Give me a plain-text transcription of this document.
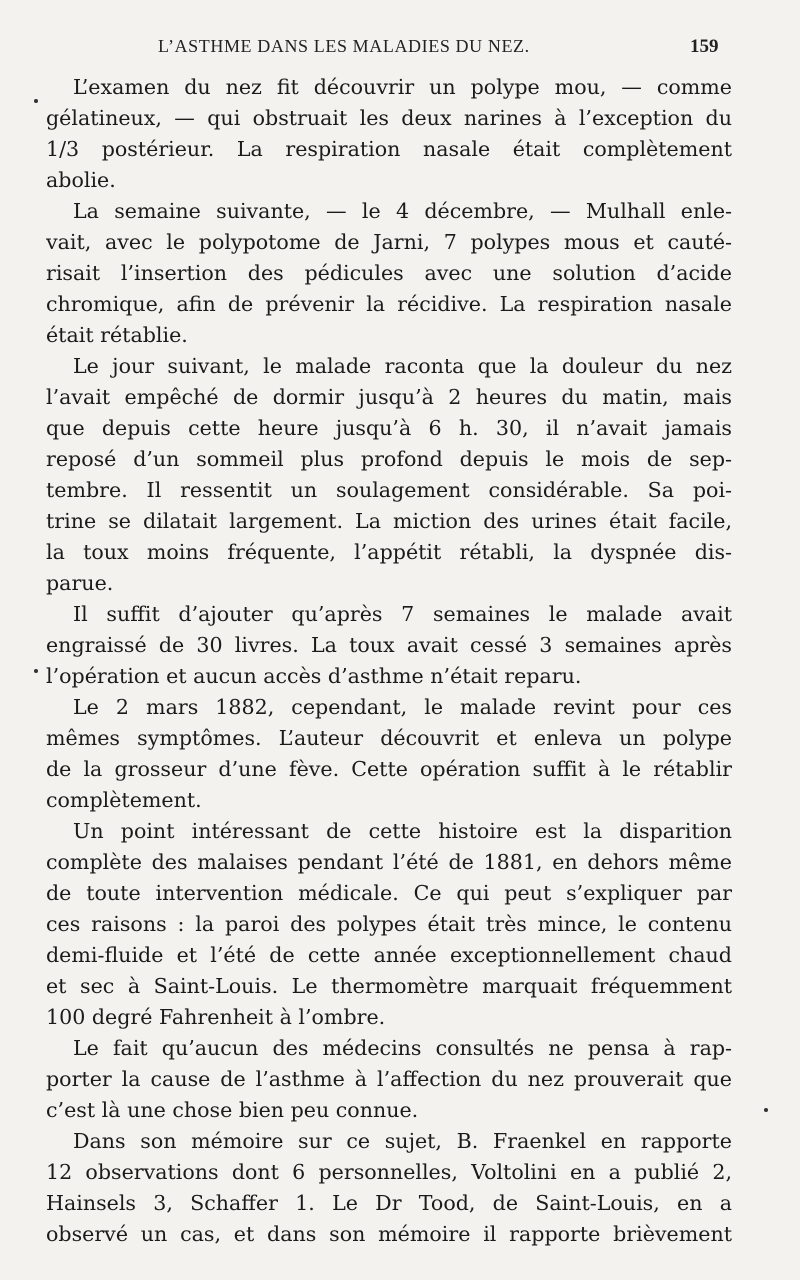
L’ASTHME DANS LES MALADIES DU NEZ.	159
L’examen du nez fit découvrir un polype mou, — comme
gélatineux, — qui obstruait les deux narines à l’exception du
1/3 postérieur. La respiration nasale était complètement
abolie.
La semaine suivante, — le 4 décembre, — Mulhall enle-
vait, avec le polypotome de Jarni, 7 polypes mous et cauté-
risait l’insertion des pédicules avec une solution d’acide
chromique, afin de prévenir la récidive. La respiration nasale
était rétablie.
Le jour suivant, le malade raconta que la douleur du nez
l’avait empêché de dormir jusqu’à 2 heures du matin, mais
que depuis cette heure jusqu’à 6 h. 30, il n’avait jamais
reposé d’un sommeil plus profond depuis le mois de sep-
tembre. Il ressentit un soulagement considérable. Sa poi-
trine se dilatait largement. La miction des urines était facile,
la toux moins fréquente, l’appétit rétabli, la dyspnée dis-
parue.
Il suffit d’ajouter qu’après 7 semaines le malade avait
engraissé de 30 livres. La toux avait cessé 3 semaines après
l’opération et aucun accès d’asthme n’était reparu.
Le 2 mars 1882, cependant, le malade revint pour ces
mêmes symptômes. L’auteur découvrit et enleva un polype
de la grosseur d’une fève. Cette opération suffit à le rétablir
complètement.
Un point intéressant de cette histoire est la disparition
complète des malaises pendant l’été de 1881, en dehors même
de toute intervention médicale. Ce qui peut s’expliquer par
ces raisons : la paroi des polypes était très mince, le contenu
demi-fluide et l’été de cette année exceptionnellement chaud
et sec à Saint-Louis. Le thermomètre marquait fréquemment
100 degré Fahrenheit à l’ombre.
Le fait qu’aucun des médecins consultés ne pensa à rap-
porter la cause de l’asthme à l’affection du nez prouverait que
c’est là une chose bien peu connue.
Dans son mémoire sur ce sujet, B. Fraenkel en rapporte
12 observations dont 6 personnelles, Voltolini en a publié 2,
Hainsels 3, Schaffer 1. Le Dr Tood, de Saint-Louis, en a
observé un cas, et dans son mémoire il rapporte brièvement
